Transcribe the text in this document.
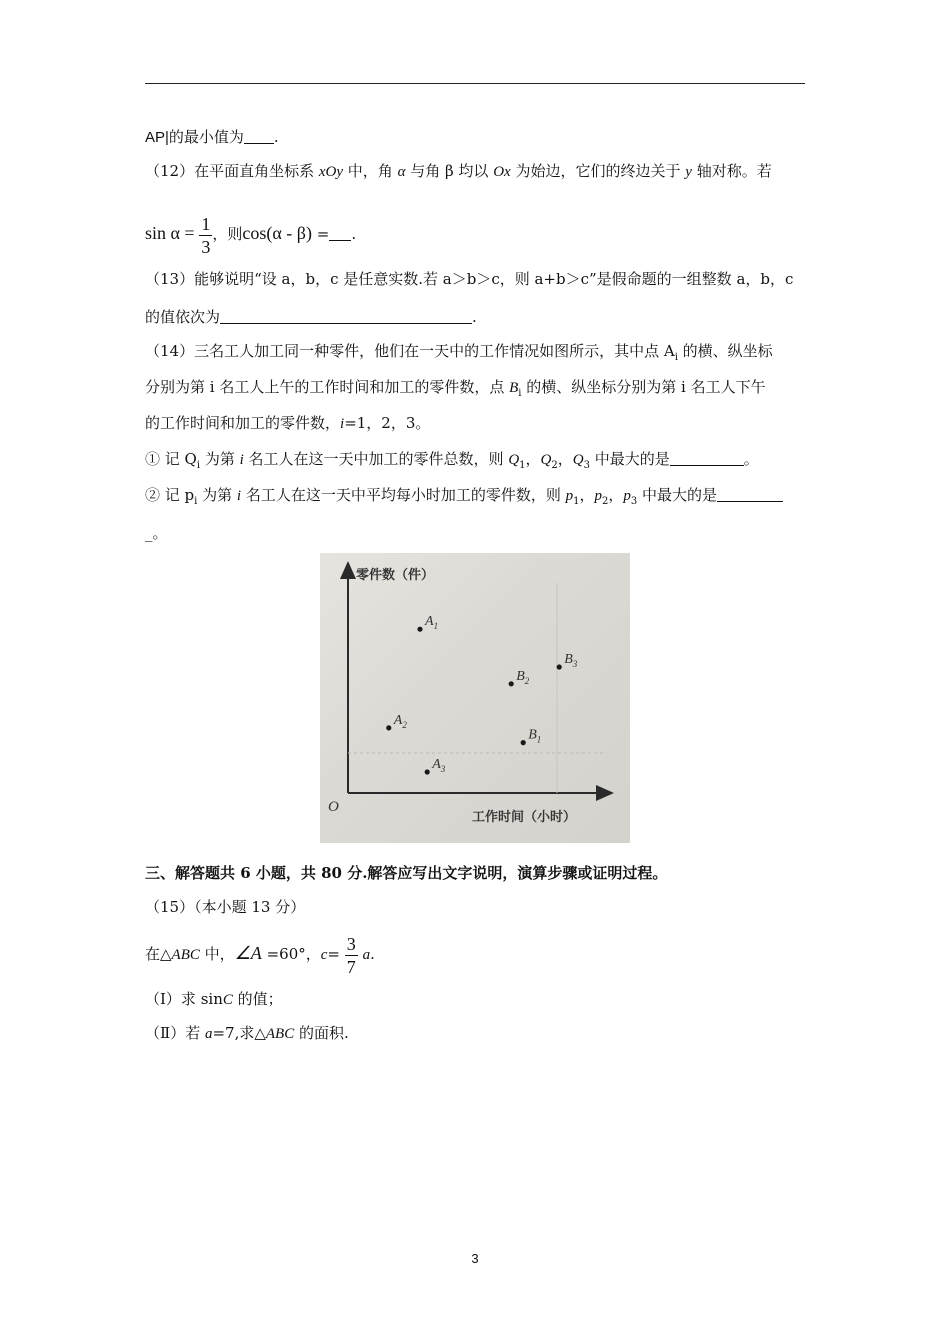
AP|的最小值为 .
（12）在平面直角坐标系 xOy 中，角 α 与角 β 均以 Ox 为始边，它们的终边关于 y 轴对称。若
$\sin \alpha = \frac{1}{3}$ ，则cos(α - β) = .
（13）能够说明“设 a，b，c 是任意实数.若 a＞b＞c，则 a+b＞c”是假命题的一组整数 a，b，c
的值依次为	.
（14）三名工人加工同一种零件，他们在一天中的工作情况如图所示，其中点 $A_i$ 的横、纵坐标
分别为第 i 名工人上午的工作时间和加工的零件数，点 $B_i$ 的横、纵坐标分别为第 i 名工人下午
的工作时间和加工的零件数，i=1，2，3。
① 记 $Q_i$ 为第 i 名工人在这一天中加工的零件总数，则 $Q_1$，$Q_2$，$Q_3$ 中最大的是	。
② 记 $p_i$ 为第 i 名工人在这一天中平均每小时加工的零件数，则 $p_1$，$p_2$，$p_3$ 中最大的是
_。
零件数（件）
工作时间（小时）
O
$A_1$
$A_2$
$A_3$
$B_1$
$B_2$
$B_3$
三、解答题共 6 小题，共 80 分.解答应写出文字说明，演算步骤或证明过程。
（15）（本小题 13 分）
在△ABC 中，∠A =60°，$c= \frac{3}{7} a$.
（Ⅰ）求 sinC 的值；
（Ⅱ）若 a=7,求△ABC 的面积.
3
